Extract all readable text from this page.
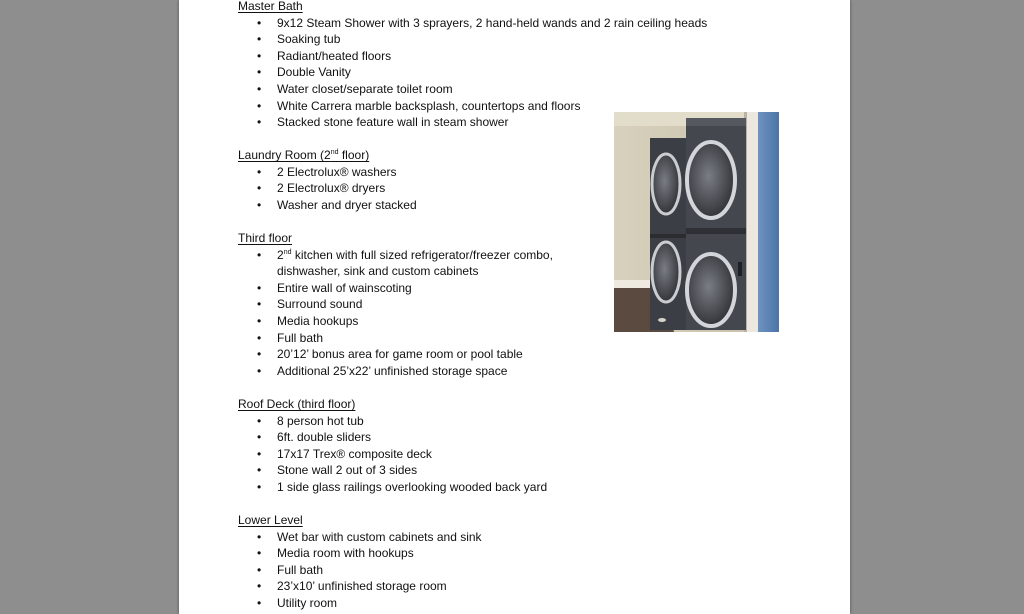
Master Bath
• 9x12 Steam Shower with 3 sprayers, 2 hand-held wands and 2 rain ceiling heads
• Soaking tub
• Radiant/heated floors
• Double Vanity
• Water closet/separate toilet room
• White Carrera marble backsplash, countertops and floors
• Stacked stone feature wall in steam shower
Laundry Room (2nd floor)
• 2 Electrolux® washers
• 2 Electrolux® dryers
• Washer and dryer stacked
Third floor
• 2nd kitchen with full sized refrigerator/freezer combo,
dishwasher, sink and custom cabinets
• Entire wall of wainscoting
• Surround sound
• Media hookups
• Full bath
• 20’12’ bonus area for game room or pool table
• Additional 25’x22’ unfinished storage space
Roof Deck (third floor)
• 8 person hot tub
• 6ft. double sliders
• 17x17 Trex® composite deck
• Stone wall 2 out of 3 sides
• 1 side glass railings overlooking wooded back yard
Lower Level
• Wet bar with custom cabinets and sink
• Media room with hookups
• Full bath
• 23’x10’ unfinished storage room
• Utility room
